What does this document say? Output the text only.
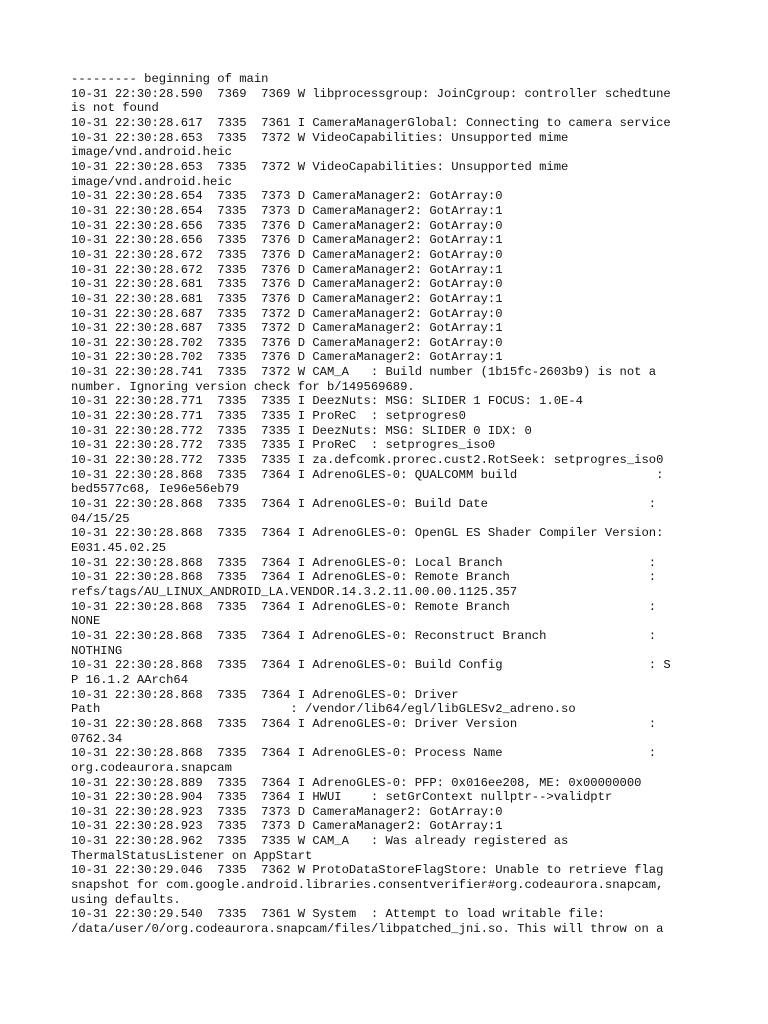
--------- beginning of main
10-31 22:30:28.590  7369  7369 W libprocessgroup: JoinCgroup: controller schedtune
is not found
10-31 22:30:28.617  7335  7361 I CameraManagerGlobal: Connecting to camera service
10-31 22:30:28.653  7335  7372 W VideoCapabilities: Unsupported mime
image/vnd.android.heic
10-31 22:30:28.653  7335  7372 W VideoCapabilities: Unsupported mime
image/vnd.android.heic
10-31 22:30:28.654  7335  7373 D CameraManager2: GotArray:0
10-31 22:30:28.654  7335  7373 D CameraManager2: GotArray:1
10-31 22:30:28.656  7335  7376 D CameraManager2: GotArray:0
10-31 22:30:28.656  7335  7376 D CameraManager2: GotArray:1
10-31 22:30:28.672  7335  7376 D CameraManager2: GotArray:0
10-31 22:30:28.672  7335  7376 D CameraManager2: GotArray:1
10-31 22:30:28.681  7335  7376 D CameraManager2: GotArray:0
10-31 22:30:28.681  7335  7376 D CameraManager2: GotArray:1
10-31 22:30:28.687  7335  7372 D CameraManager2: GotArray:0
10-31 22:30:28.687  7335  7372 D CameraManager2: GotArray:1
10-31 22:30:28.702  7335  7376 D CameraManager2: GotArray:0
10-31 22:30:28.702  7335  7376 D CameraManager2: GotArray:1
10-31 22:30:28.741  7335  7372 W CAM_A   : Build number (1b15fc-2603b9) is not a
number. Ignoring version check for b/149569689.
10-31 22:30:28.771  7335  7335 I DeezNuts: MSG: SLIDER 1 FOCUS: 1.0E-4
10-31 22:30:28.771  7335  7335 I ProReC  : setprogres0
10-31 22:30:28.772  7335  7335 I DeezNuts: MSG: SLIDER 0 IDX: 0
10-31 22:30:28.772  7335  7335 I ProReC  : setprogres_iso0
10-31 22:30:28.772  7335  7335 I za.defcomk.prorec.cust2.RotSeek: setprogres_iso0
10-31 22:30:28.868  7335  7364 I AdrenoGLES-0: QUALCOMM build                   :
bed5577c68, Ie96e56eb79
10-31 22:30:28.868  7335  7364 I AdrenoGLES-0: Build Date                      :
04/15/25
10-31 22:30:28.868  7335  7364 I AdrenoGLES-0: OpenGL ES Shader Compiler Version:
E031.45.02.25
10-31 22:30:28.868  7335  7364 I AdrenoGLES-0: Local Branch                    :
10-31 22:30:28.868  7335  7364 I AdrenoGLES-0: Remote Branch                   :
refs/tags/AU_LINUX_ANDROID_LA.VENDOR.14.3.2.11.00.00.1125.357
10-31 22:30:28.868  7335  7364 I AdrenoGLES-0: Remote Branch                   :
NONE
10-31 22:30:28.868  7335  7364 I AdrenoGLES-0: Reconstruct Branch              :
NOTHING
10-31 22:30:28.868  7335  7364 I AdrenoGLES-0: Build Config                    : S
P 16.1.2 AArch64
10-31 22:30:28.868  7335  7364 I AdrenoGLES-0: Driver
Path                          : /vendor/lib64/egl/libGLESv2_adreno.so
10-31 22:30:28.868  7335  7364 I AdrenoGLES-0: Driver Version                  :
0762.34
10-31 22:30:28.868  7335  7364 I AdrenoGLES-0: Process Name                    :
org.codeaurora.snapcam
10-31 22:30:28.889  7335  7364 I AdrenoGLES-0: PFP: 0x016ee208, ME: 0x00000000
10-31 22:30:28.904  7335  7364 I HWUI    : setGrContext nullptr-->validptr
10-31 22:30:28.923  7335  7373 D CameraManager2: GotArray:0
10-31 22:30:28.923  7335  7373 D CameraManager2: GotArray:1
10-31 22:30:28.962  7335  7335 W CAM_A   : Was already registered as
ThermalStatusListener on AppStart
10-31 22:30:29.046  7335  7362 W ProtoDataStoreFlagStore: Unable to retrieve flag
snapshot for com.google.android.libraries.consentverifier#org.codeaurora.snapcam,
using defaults.
10-31 22:30:29.540  7335  7361 W System  : Attempt to load writable file:
/data/user/0/org.codeaurora.snapcam/files/libpatched_jni.so. This will throw on a
